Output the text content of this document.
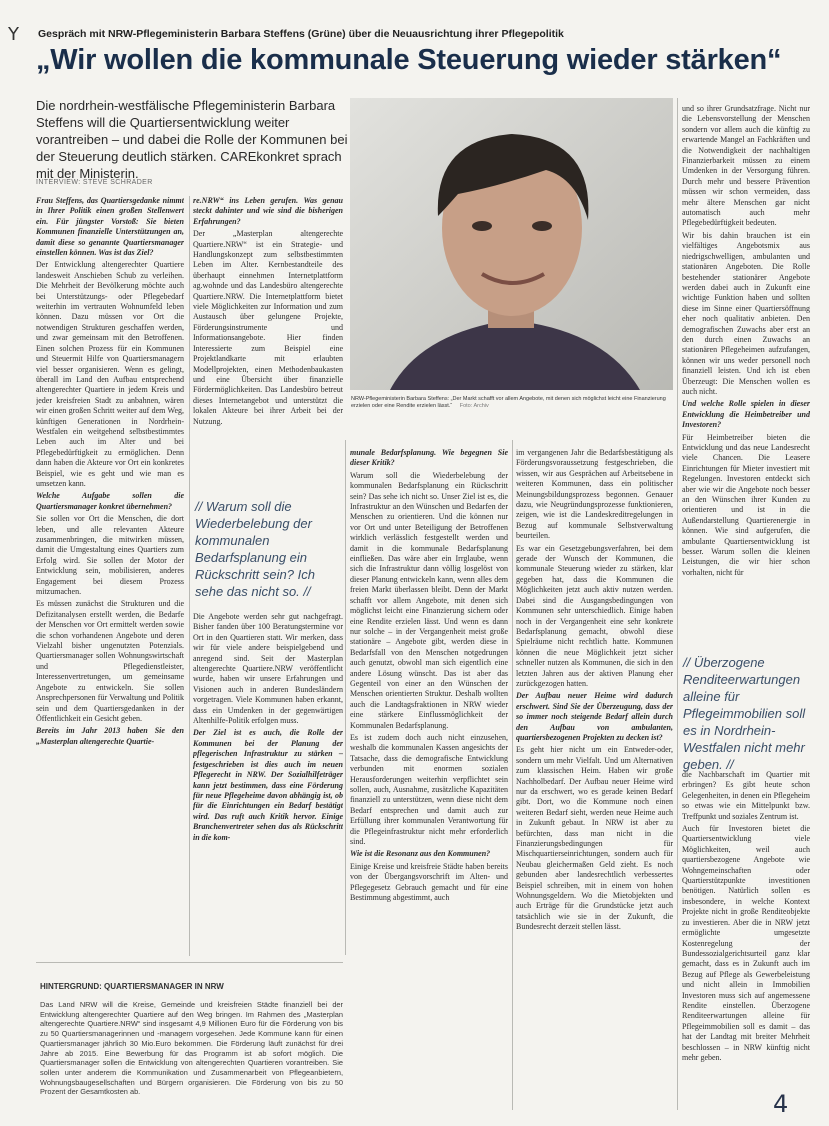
Y Gespräch mit NRW-Pflegeministerin Barbara Steffens (Grüne) über die Neuausrichtung ihrer Pflegepolitik
„Wir wollen die kommunale Steuerung wieder stärken“
Die nordrhein-westfälische Pflegeministerin Barbara Steffens will die Quartiersentwicklung weiter vorantreiben – und dabei die Rolle der Kommunen bei der Steuerung deutlich stärken. CAREkonkret sprach mit der Ministerin.
INTERVIEW: STEVE SCHRADER

Frau Steffens, das Quartiersgedanke nimmt in Ihrer Politik einen großen Stellenwert ein. Für jüngster Vorstoß: Sie bieten Kommunen finanzielle Unterstützungen an, damit diese so genannte Quartiersmanager einstellen können. Was ist das Ziel?

Der Entwicklung altengerechter Quartiere landesweit Anschieben Schub zu verleihen. Die Mehrheit der Bevölkerung möchte auch bei Unterstützungs- oder Pflegebedarf weiterhin im vertrauten Wohnumfeld leben können. Dazu müssen vor Ort die notwendigen Strukturen geschaffen werden, und zwar gemeinsam mit den Betroffenen. Einen solchen Prozess für ein Kommunen und Steuermit Hilfe von Quartiersmanagern viel besser organisieren. Wenn es gelingt, überall im Land den Aufbau entsprechend altengerechter Quartiere in jedem Kreis und jeder kreisfreien Stadt zu anbahnen, wären wir einen großen Schritt weiter auf dem Weg, künftigen Generationen in Nordrhein-Westfalen ein weitgehend selbstbestimmtes Leben auch im Alter und bei Pflegebedürftigkeit zu ermöglichen. Denn dann haben die Akteure vor Ort ein konkretes Beispiel, wie es geht und wie man es umsetzen kann.

Welche Aufgabe sollen die Quartiersmanager konkret übernehmen?

Sie sollen vor Ort die Menschen, die dort leben, und alle relevanten Akteure zusammenbringen, die mitwirken müssen, damit die Umgestaltung eines Quartiers zum Erfolg wird. Sie sollen der Motor der Entwicklung sein, mobilisieren, anderes Engagement bei diesem Prozess mitzumachen.

Es müssen zunächst die Strukturen und die Defizitanalysen erstellt werden, die Bedarfe der Menschen vor Ort ermittelt werden sowie die schon vorhandenen Angebote und deren Vielzahl bisher ungenutzten Potenzials. Quartiersmanager sollen Wohnungswirtschaft und Pflegedienstleister, Interessenvertretungen, um gemeinsame Angebote zu entwickeln. Sie sollen Ansprechpersonen für Verwaltung und Politik sein und dem Quartiersgedanken in der Öffentlichkeit ein Gesicht geben.

Bereits im Jahr 2013 haben Sie den „Masterplan altengerechte Quartie-

re.NRW“ ins Leben gerufen. Was genau steckt dahinter und wie sind die bisherigen Erfahrungen?

Der „Masterplan altengerechte Quartiere.NRW“ ist ein Strategie- und Handlungskonzept zum selbstbestimmten Leben im Alter. Kernbestandteile des überhaupt einnehmen Internetplattform ag.wohnde und das Landesbüro altengerechte Quartiere.NRW. Die Internetplattform bietet viele Möglichkeiten zur Information und zum Austausch über gelungene Projekte, Förderungsinstrumente und Informationsangebote. Hier finden Interessierte zum Beispiel eine Projektlandkarte mit erlaubten Modellprojekten, einen Methodenbaukasten und eine Übersicht über finanzielle Fördermöglichkeiten. Das Landesbüro betreut dieses Internetangebot und unterstützt die lokalen Akteure bei ihrer Arbeit bei der Nutzung.

// Warum soll die Wiederbelebung der kommunalen Bedarfsplanung ein Rückschritt sein? Ich sehe das nicht so. //

Die Angebote werden sehr gut nachgefragt. Bisher fanden über 100 Beratungstermine vor Ort in den Quartieren statt. Wir merken, dass wir für viele andere beispielgebend und anregend sind. Seit der Masterplan altengerechte Quartiere.NRW veröffentlicht wurde, haben wir unsere Erfahrungen und Visionen auch in anderen Bundesländern vorgetragen. Viele Kommunen haben erkannt, dass ein Umdenken in der gegenwärtigen Altenhilfe-Politik erfolgen muss.

Der Ziel ist es auch, die Rolle der Kommunen bei der Planung der pflegerischen Infrastruktur zu stärken – festgeschrieben ist dies auch im neuen Pflegerecht in NRW. Der Sozialhilfeträger kann jetzt bestimmen, dass eine Förderung für neue Pflegeheime davon abhängig ist, ob für die Einrichtungen ein Bedarf bestätigt wird. Das ruft auch Kritik hervor. Einige Branchenvertreter sehen das als Rückschritt in die kom-

NRW-Pflegeministerin Barbara Steffens: „Der Markt schafft vor allem Angebote, mit denen sich möglichst leicht eine Finanzierung erzielen oder eine Rendite erzielen lässt.“ Foto: Archiv

munale Bedarfsplanung. Wie begegnen Sie dieser Kritik?

Warum soll die Wiederbelebung der kommunalen Bedarfsplanung ein Rückschritt sein? Das sehe ich nicht so. Unser Ziel ist es, die Infrastruktur an den Wünschen und Bedarfen der Menschen zu orientieren. Und die können nur vor Ort und unter Beteiligung der Betroffenen wirklich verlässlich festgestellt werden und damit in die kommunale Bedarfsplanung einfließen. Das wäre aber ein Irrglaube, wenn sich die Infrastruktur dann völlig losgelöst von dieser Planung entwickeln kann, wenn alles dem freien Markt überlassen bleibt. Denn der Markt schafft vor allem Angebote, mit denen sich möglichst leicht eine Finanzierung sichern oder eine Rendite erzielen lässt. Und wenn es dann nur solche – in der Vergangenheit meist große stationäre – Angebote gibt, werden diese in Bedarfsfall von den Menschen notgedrungen auch genutzt, obwohl man sich eigentlich eine andere Lösung wünscht. Das ist aber das Gegenteil von einer an den Wünschen der Menschen orientierten Struktur. Deshalb wollten auch die Landtagsfraktionen in NRW wieder eine stärkere Einflussmöglichkeit der Kommunalen Bedarfsplanung.

Es ist zudem doch auch nicht einzusehen, weshalb die kommunalen Kassen angesichts der Tatsache, dass die demografische Entwicklung verbunden mit enormen sozialen Herausforderungen weiterhin verpflichtet sein sollen, auch, Ausnahme, zusätzliche Kapazitäten finanziell zu unterstützen, wenn diese nicht dem Bedarf entsprechen und damit auch zur Erfüllung ihrer kommunalen Verantwortung für die Pflegeinfrastruktur nicht mehr erforderlich sind.

Wie ist die Resonanz aus den Kommunen?

Einige Kreise und kreisfreie Städte haben bereits von der Übergangsvorschrift im Alten- und Pflegegesetz Gebrauch gemacht und für eine Bestimmung abgestimmt, auch

im vergangenen Jahr die Bedarfsbestätigung als Förderungsvoraussetzung festgeschrieben, die wissen, wir aus Gesprächen auf Arbeitsebene in weiteren Kommunen, dass ein politischer Meinungsbildungsprozess begonnen. Genauer dazu, wie Neugründungsprozesse funktionieren, zeigen, wie ist die Landeskreditregelungen in Bezug auf kommunale Selbstverwaltung beurteilen.

Es war ein Gesetzgebungsverfahren, bei dem gerade der Wunsch der Kommunen, die kommunale Steuerung wieder zu stärken, klar gegeben hat, dass die Kommunen die Möglichkeiten jetzt auch aktiv nutzen werden. Dabei sind die Ausgangsbedingungen von Kommunen sehr unterschiedlich. Einige haben noch in der Vergangenheit eine sehr konkrete Bedarfsplanung gemacht, obwohl diese Spielräume nicht rechtlich hatte. Kommunen können die neue Möglichkeit jetzt sicher schneller nutzen als Kommunen, die sich in den letzten Jahren aus der aktiven Planung eher zurückgezogen hatten.

Der Aufbau neuer Heime wird dadurch erschwert. Sind Sie der Überzeugung, dass der so immer noch steigende Bedarf allein durch den Aufbau von ambulanten, quartiersbezogenen Projekten zu decken ist?

Es geht hier nicht um ein Entweder-oder, sondern um mehr Vielfalt. Und um Alternativen zum klassischen Heim. Haben wir große Nachholbedarf. Der Aufbau neuer Heime wird nur da erschwert, wo es gerade keinen Bedarf gibt. Dort, wo die Kommune noch einen weiteren Bedarf sieht, werden neue Heime auch in Zukunft gebaut. In NRW ist aber zu befürchten, dass man nicht in die Finanzierungsbedingungen für Mischquartierseinrichtungen, sondern auch für Neubau gleichermaßen Geld zieht. Es noch gebunden aber landesrechtlich verbessertes Beispiel schreiben, mit in einem von hohen Wohnungsgeldern. Wo die Mietobjekten und auch Erträge für die Grundstücke jetzt auch tatsächlich wie sie in der Zukunft, die Bundesrecht derzeit stellen lässt.

und so ihrer Grundsatzfrage. Nicht nur die Lebensvorstellung der Menschen sondern vor allem auch die künftig zu erwartende Mangel an Fachkräften und die Notwendigkeit der nachhaltigen Finanzierbarkeit müssen zu einem Umdenken in der Versorgung führen. Durch mehr und bessere Prävention müssen wir schon vermeiden, dass mehr ältere Menschen gar nicht automatisch auch mehr Pflegebedürftigkeit bedeuten.

Wir bis dahin brauchen ist ein vielfältiges Angebotsmix aus niedrigschwelligen, ambulanten und stationären Angeboten. Die Rolle bestehender stationärer Angebote werden dabei auch in Zukunft eine wichtige Funktion haben und sollten diese im Sinne einer Quartiersöffnung eher noch qualitativ anbieten. Den demografischen Zuwachs aber erst an den durch einen Zuwachs an stationären Pflegeheimen aufzufangen, können wir uns weder personell noch finanziell leisten. Und ich ist eben Überzeugt: Die Menschen wollen es auch nicht.

Und welche Rolle spielen in dieser Entwicklung die Heimbetreiber und Investoren?

Für Heimbetreiber bieten die Entwicklung und das neue Landesrecht viele Chancen. Die Leasere Einrichtungen für Mieter investiert mit Regelungen. Investoren entdeckt sich aber wie wir die Angebote noch besser an den Wünschen ihrer Kunden zu orientieren und ist in die Außendarstellung Quartierenergie in können. Wie sind aufgerufen, die ambulante Quartiersentwicklung ist besser. Warum sollen die kleinen Leistungen, die wir hier schon vorhalten, nicht für

// Überzogene Renditeerwartungen alleine für Pflegeimmobilien soll es in Nordrhein-Westfalen nicht mehr geben. //

die Nachbarschaft im Quartier mit erbringen? Es gibt heute schon Gelegenheiten, in denen ein Pflegeheim so etwas wie ein Mittelpunkt bzw. Treffpunkt und soziales Zentrum ist.

Auch für Investoren bietet die Quartiersentwicklung viele Möglichkeiten, weil auch quartiersbezogene Angebote wie Wohngemeinschaften oder Quartierstützpunkte investitionen benötigen. Natürlich sollen es insbesondere, in welche Kontext Projekte nicht in große Renditeobjekte zu investieren. Aber die in NRW jetzt ermöglichte umgesetzte Kostenregelung der Bundessozialgerichtsurteil ganz klar gemacht, dass es in Zukunft auch im Bezug auf Pflege als Gewerbeleistung und nicht allein in Immobilien Investoren muss sich auf angemessene Rendite einstellen. Überzogene Renditeerwartungen alleine für Pflegeimmobilien soll es damit – das hat der Landtag mit breiter Mehrheit beschlossen – in NRW künftig nicht mehr geben.

HINTERGRUND: QUARTIERSMANAGER IN NRW
Das Land NRW will die Kreise, Gemeinde und kreisfreien Städte finanziell bei der Entwicklung altengerechter Quartiere auf den Weg bringen. Im Rahmen des „Masterplan altengerechte Quartiere.NRW“ sind insgesamt 4,9 Millionen Euro für die Förderung von bis zu 50 Quartiersmanagerinnen und -managern vorgesehen. Jede Kommune kann für einen Quartiersmanager jährlich 30 Mio.Euro bekommen. Die Förderung läuft zunächst für drei Jahre ab 2015. Eine Bewerbung für das Programm ist ab sofort möglich. Die Quartiersmanager sollen die Entwicklung von altengerechten Quartieren vorantreiben. Sie sollen unter anderem die Kommunikation und Zusammenarbeit von Pflegeanbietern, Wohnungsbaugesellschaften und Bürgern organisieren. Die Förderung von bis zu 50 Prozent der Gesamtkosten ab.	4
